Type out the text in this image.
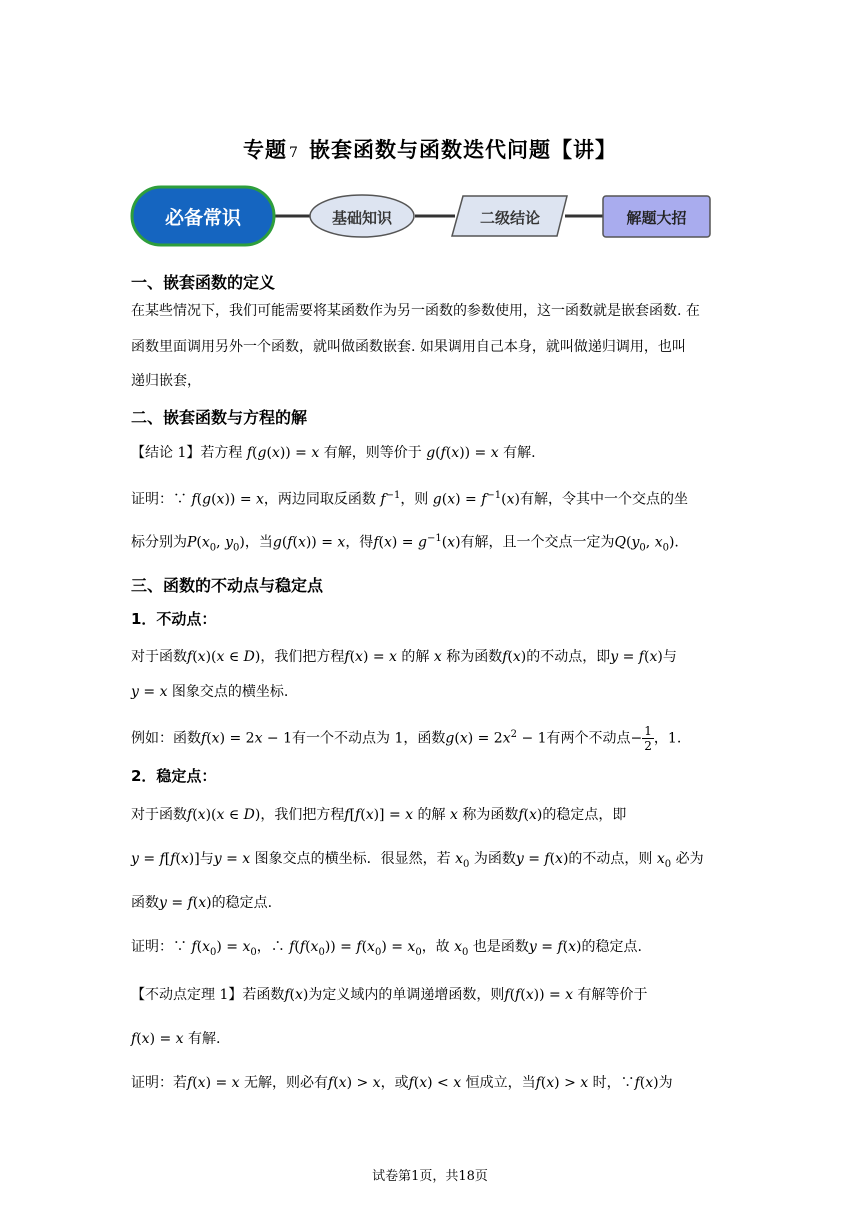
专题 7 嵌套函数与函数迭代问题【讲】
必备常识	基础知识	二级结论	解题大招
一、嵌套函数的定义
在某些情况下，我们可能需要将某函数作为另一函数的参数使用，这一函数就是嵌套函数. 在
函数里面调用另外一个函数，就叫做函数嵌套. 如果调用自己本身，就叫做递归调用，也叫
递归嵌套，
二、嵌套函数与方程的解
【结论 1】若方程 f(g(x)) = x 有解，则等价于 g(f(x)) = x 有解.
证明：∵ f(g(x)) = x，两边同取反函数 $f^{-1}$，则 $g(x) = f^{-1}(x)$有解，令其中一个交点的坐
标分别为$P(x_0$, $y_0$)，当g(f(x)) = x，得$f(x) = g^{-1}(x)$有解，且一个交点一定为$Q(y_0$, $x_0$).
三、函数的不动点与稳定点
1．不动点：
对于函数f(x)(x ∈ D)，我们把方程f(x) = x 的解 x 称为函数f(x)的不动点，即y = f(x)与
y = x 图象交点的横坐标.
例如：函数f(x) = 2x − 1有一个不动点为 1，函数$g(x) = 2x^2 - 1$有两个不动点− $\frac{1}{2}$ ，1.
2．稳定点：
对于函数f(x)(x ∈ D)，我们把方程f[f(x)] = x 的解 x 称为函数f(x)的稳定点，即
y = f[f(x)]与y = x 图象交点的横坐标．很显然，若 $x_0$ 为函数y = f(x)的不动点，则 $x_0$ 必为
函数y = f(x)的稳定点.
证明：∵ $f(x_0) = x_0$，∴ $f(f(x_0)) = f(x_0) = x_0$，故 $x_0$ 也是函数y = f(x)的稳定点.
【不动点定理 1】若函数f(x)为定义域内的单调递增函数，则f(f(x)) = x 有解等价于
f(x) = x 有解.
证明：若f(x) = x 无解，则必有f(x) > x，或f(x) < x 恒成立，当f(x) > x 时，∵f(x)为
试卷第1页，共18页
